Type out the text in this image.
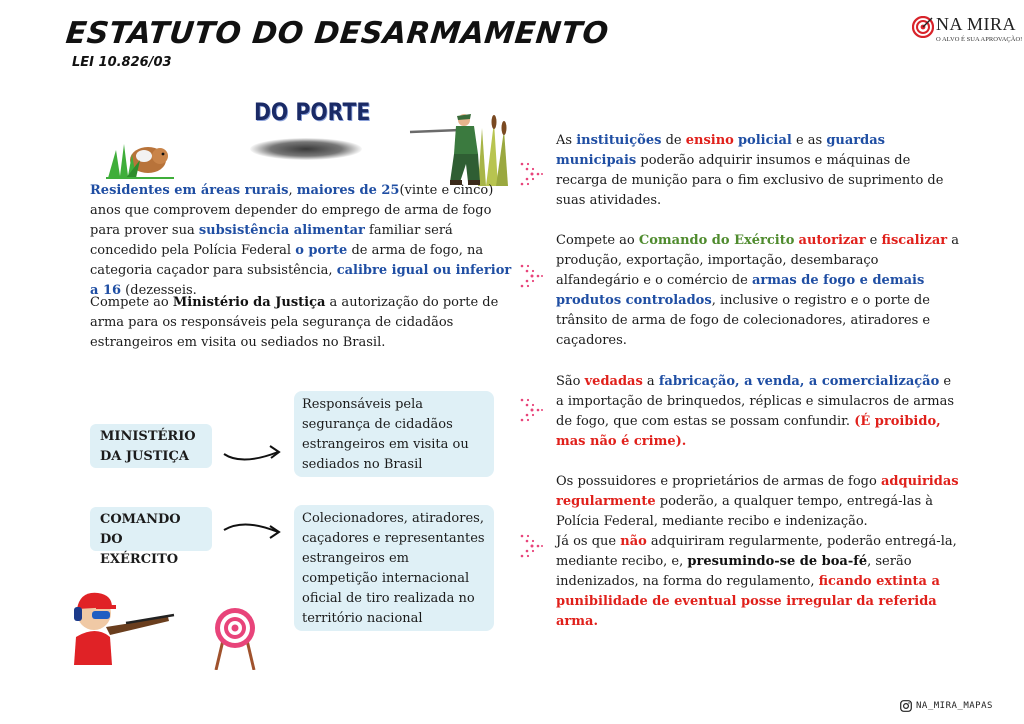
ESTATUTO DO DESARMAMENTO
LEI 10.826/03
NA MIRA
O ALVO É SUA APROVAÇÃO!
DO PORTE

Residentes em áreas rurais, maiores de 25(vinte e cinco) anos que comprovem depender do emprego de arma de fogo para prover sua subsistência alimentar familiar será concedido pela Polícia Federal o porte de arma de fogo, na categoria caçador para subsistência, calibre igual ou inferior a 16 (dezesseis.

Compete ao Ministério da Justiça a autorização do porte de arma para os responsáveis pela segurança de cidadãos estrangeiros em visita ou sediados no Brasil.

MINISTÉRIO DA JUSTIÇA
COMANDO DO EXÉRCITO
Responsáveis pela segurança de cidadãos estrangeiros em visita ou sediados no Brasil
Colecionadores, atiradores, caçadores e representantes estrangeiros em competição internacional oficial de tiro realizada no território nacional

As instituições de ensino policial e as guardas municipais poderão adquirir insumos e máquinas de recarga de munição para o fim exclusivo de suprimento de suas atividades.

Compete ao Comando do Exército autorizar e fiscalizar a produção, exportação, importação, desembaraço alfandegário e o comércio de armas de fogo e demais produtos controlados, inclusive o registro e o porte de trânsito de arma de fogo de colecionadores, atiradores e caçadores.

São vedadas a fabricação, a venda, a comercialização e a importação de brinquedos, réplicas e simulacros de armas de fogo, que com estas se possam confundir. (É proibido, mas não é crime).

Os possuidores e proprietários de armas de fogo adquiridas regularmente poderão, a qualquer tempo, entregá-las à Polícia Federal, mediante recibo e indenização.
Já os que não adquiriram regularmente, poderão entregá-la, mediante recibo, e, presumindo-se de boa-fé, serão indenizados, na forma do regulamento, ficando extinta a punibilidade de eventual posse irregular da referida arma.

NA_MIRA_MAPAS
